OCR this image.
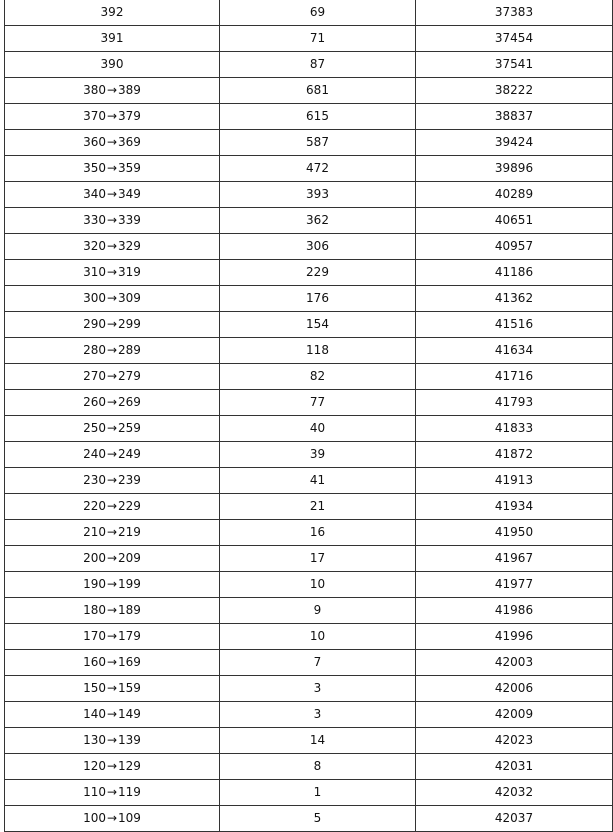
392	69	37383
391	71	37454
390	87	37541
380→389	681	38222
370→379	615	38837
360→369	587	39424
350→359	472	39896
340→349	393	40289
330→339	362	40651
320→329	306	40957
310→319	229	41186
300→309	176	41362
290→299	154	41516
280→289	118	41634
270→279	82	41716
260→269	77	41793
250→259	40	41833
240→249	39	41872
230→239	41	41913
220→229	21	41934
210→219	16	41950
200→209	17	41967
190→199	10	41977
180→189	9	41986
170→179	10	41996
160→169	7	42003
150→159	3	42006
140→149	3	42009
130→139	14	42023
120→129	8	42031
110→119	1	42032
100→109	5	42037
